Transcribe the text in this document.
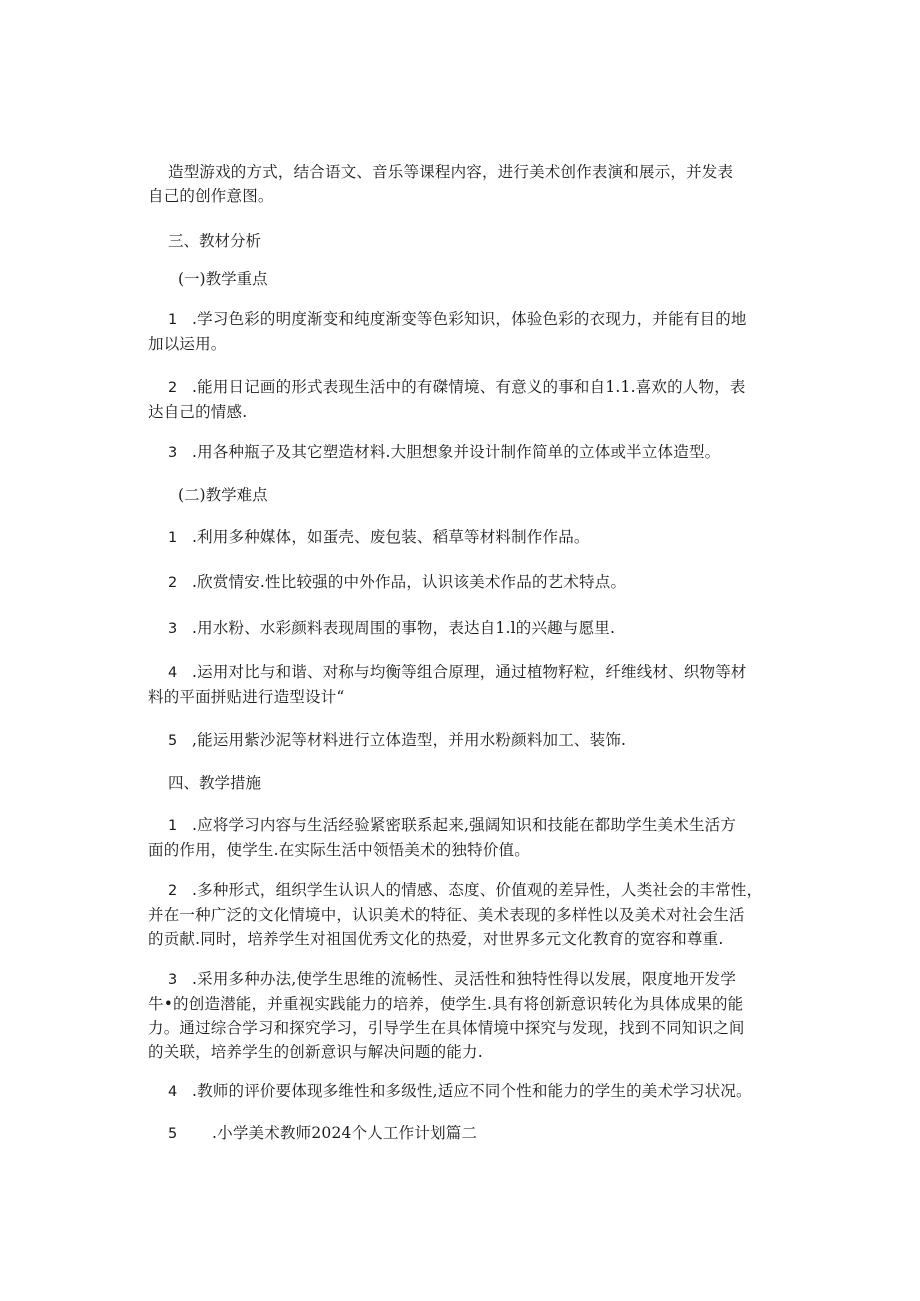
造型游戏的方式，结合语文、音乐等课程内容，进行美术创作表演和展示，并发表
自己的创作意图。

三、教材分析

(一)教学重点

1 .学习色彩的明度渐变和纯度渐变等色彩知识，体验色彩的衣现力，并能有目的地
加以运用。

2 .能用日记画的形式表现生活中的有磔情境、有意义的事和自1.1.喜欢的人物，表
达自己的情感.

3 .用各种瓶子及其它塑造材料.大胆想象并设计制作简单的立体或半立体造型。

(二)教学难点

1 .利用多种媒体，如蛋壳、废包装、稻草等材料制作作品。

2 .欣赏情安.性比较强的中外作品，认识该美术作品的艺术特点。

3 .用水粉、水彩颜料表现周围的事物，表达自1.l的兴趣与愿里.

4 .运用对比与和谐、对称与均衡等组合原理，通过植物籽粒，纤维线材、织物等材
料的平面拼贴进行造型设计“

5 ,能运用紫沙泥等材料进行立体造型，并用水粉颜料加工、装饰.

四、教学措施

1 .应将学习内容与生活经验紧密联系起来,强阔知识和技能在都助学生美术生活方
面的作用，使学生.在实际生活中领悟美术的独特价值。

2 .多种形式，组织学生认识人的情感、态度、价值观的差异性，人类社会的丰常性，
并在一种广泛的文化情境中，认识美术的特征、美术表现的多样性以及美术对社会生活
的贡献.同时，培养学生对祖国优秀文化的热爱，对世界多元文化教育的宽容和尊重.

3 .采用多种办法,使学生思维的流畅性、灵活性和独特性得以发展，限度地开发学
牛•的创造潜能，并重视实践能力的培养，使学生.具有将创新意识转化为具体成果的能
力。通过综合学习和探究学习，引导学生在具体情境中探究与发现，找到不同知识之间
的关联，培养学生的创新意识与解决问题的能力.

4 .教师的评价要体现多维性和多级性,适应不同个性和能力的学生的美术学习状况。

5 .小学美术教师2024个人工作计划篇二
